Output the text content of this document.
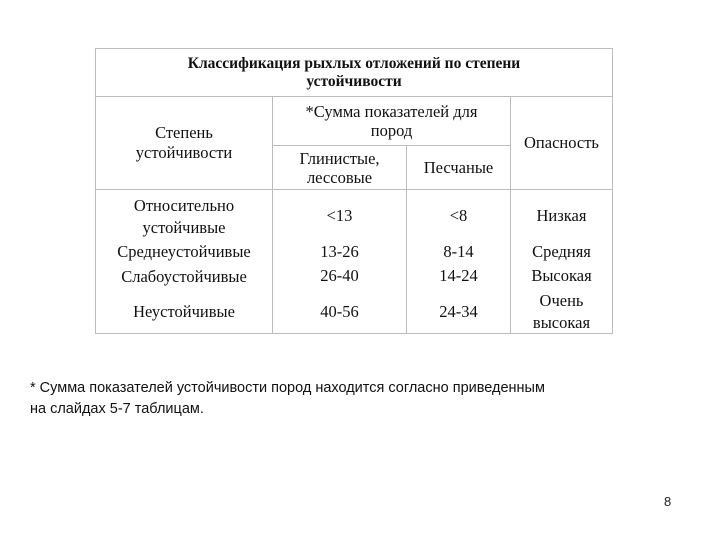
Классификация рыхлых отложений по степени
устойчивости
Степень
устойчивости
*Сумма показателей для
пород
Глинистые,
лессовые
Песчаные
Опасность
Относительно
устойчивые
Среднеустойчивые
Слабоустойчивые
Неустойчивые
<13
13-26
26-40
40-56
<8
8-14
14-24
24-34
Низкая
Средняя
Высокая
Очень
высокая
* Сумма показателей устойчивости пород находится согласно приведенным
на слайдах 5-7 таблицам.
8
